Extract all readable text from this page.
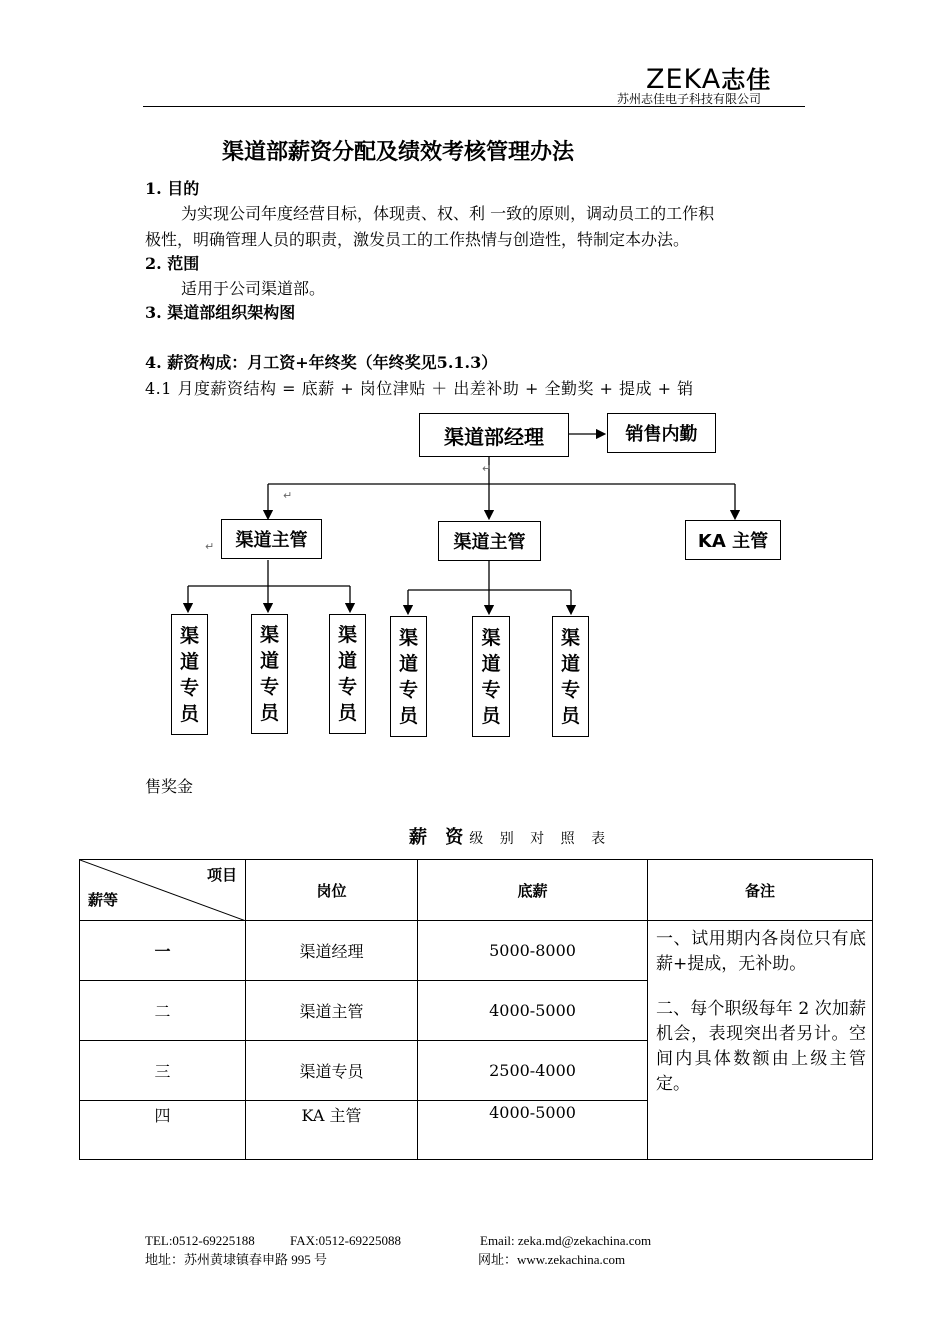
ZEKA志佳
苏州志佳电子科技有限公司
渠道部薪资分配及绩效考核管理办法
1. 目的
为实现公司年度经营目标，体现责、权、利 一致的原则，调动员工的工作积
极性，明确管理人员的职责，激发员工的工作热情与创造性，特制定本办法。
2. 范围
适用于公司渠道部。
3. 渠道部组织架构图
4. 薪资构成：月工资+年终奖（年终奖见5.1.3）
4.1 月度薪资结构 = 底薪 + 岗位津贴 ＋ 出差补助 + 全勤奖 + 提成 + 销
渠道部经理	销售内勤
渠道主管	渠道主管	KA 主管
渠
道
专
员
渠
道
专
员
渠
道
专
员
渠
道
专
员
渠
道
专
员
渠
道
专
员
↵
↵
↵
售奖金
薪 资级 别 对 照 表
项目
薪等	岗位	底薪	备注
一	渠道经理	5000-8000	一、试用期内各岗位只有底薪+提成，无补助。
二、每个职级每年 2 次加薪机会，表现突出者另计。空间内具体数额由上级主管定。

二	渠道主管	4000-5000	
三	渠道专员	2500-4000	
四	KA 主管	4000-5000	
TEL:0512-69225188	FAX:0512-69225088	Email: zeka.md@zekachina.com
地址：苏州黄埭镇春申路 995 号	网址：www.zekachina.com
